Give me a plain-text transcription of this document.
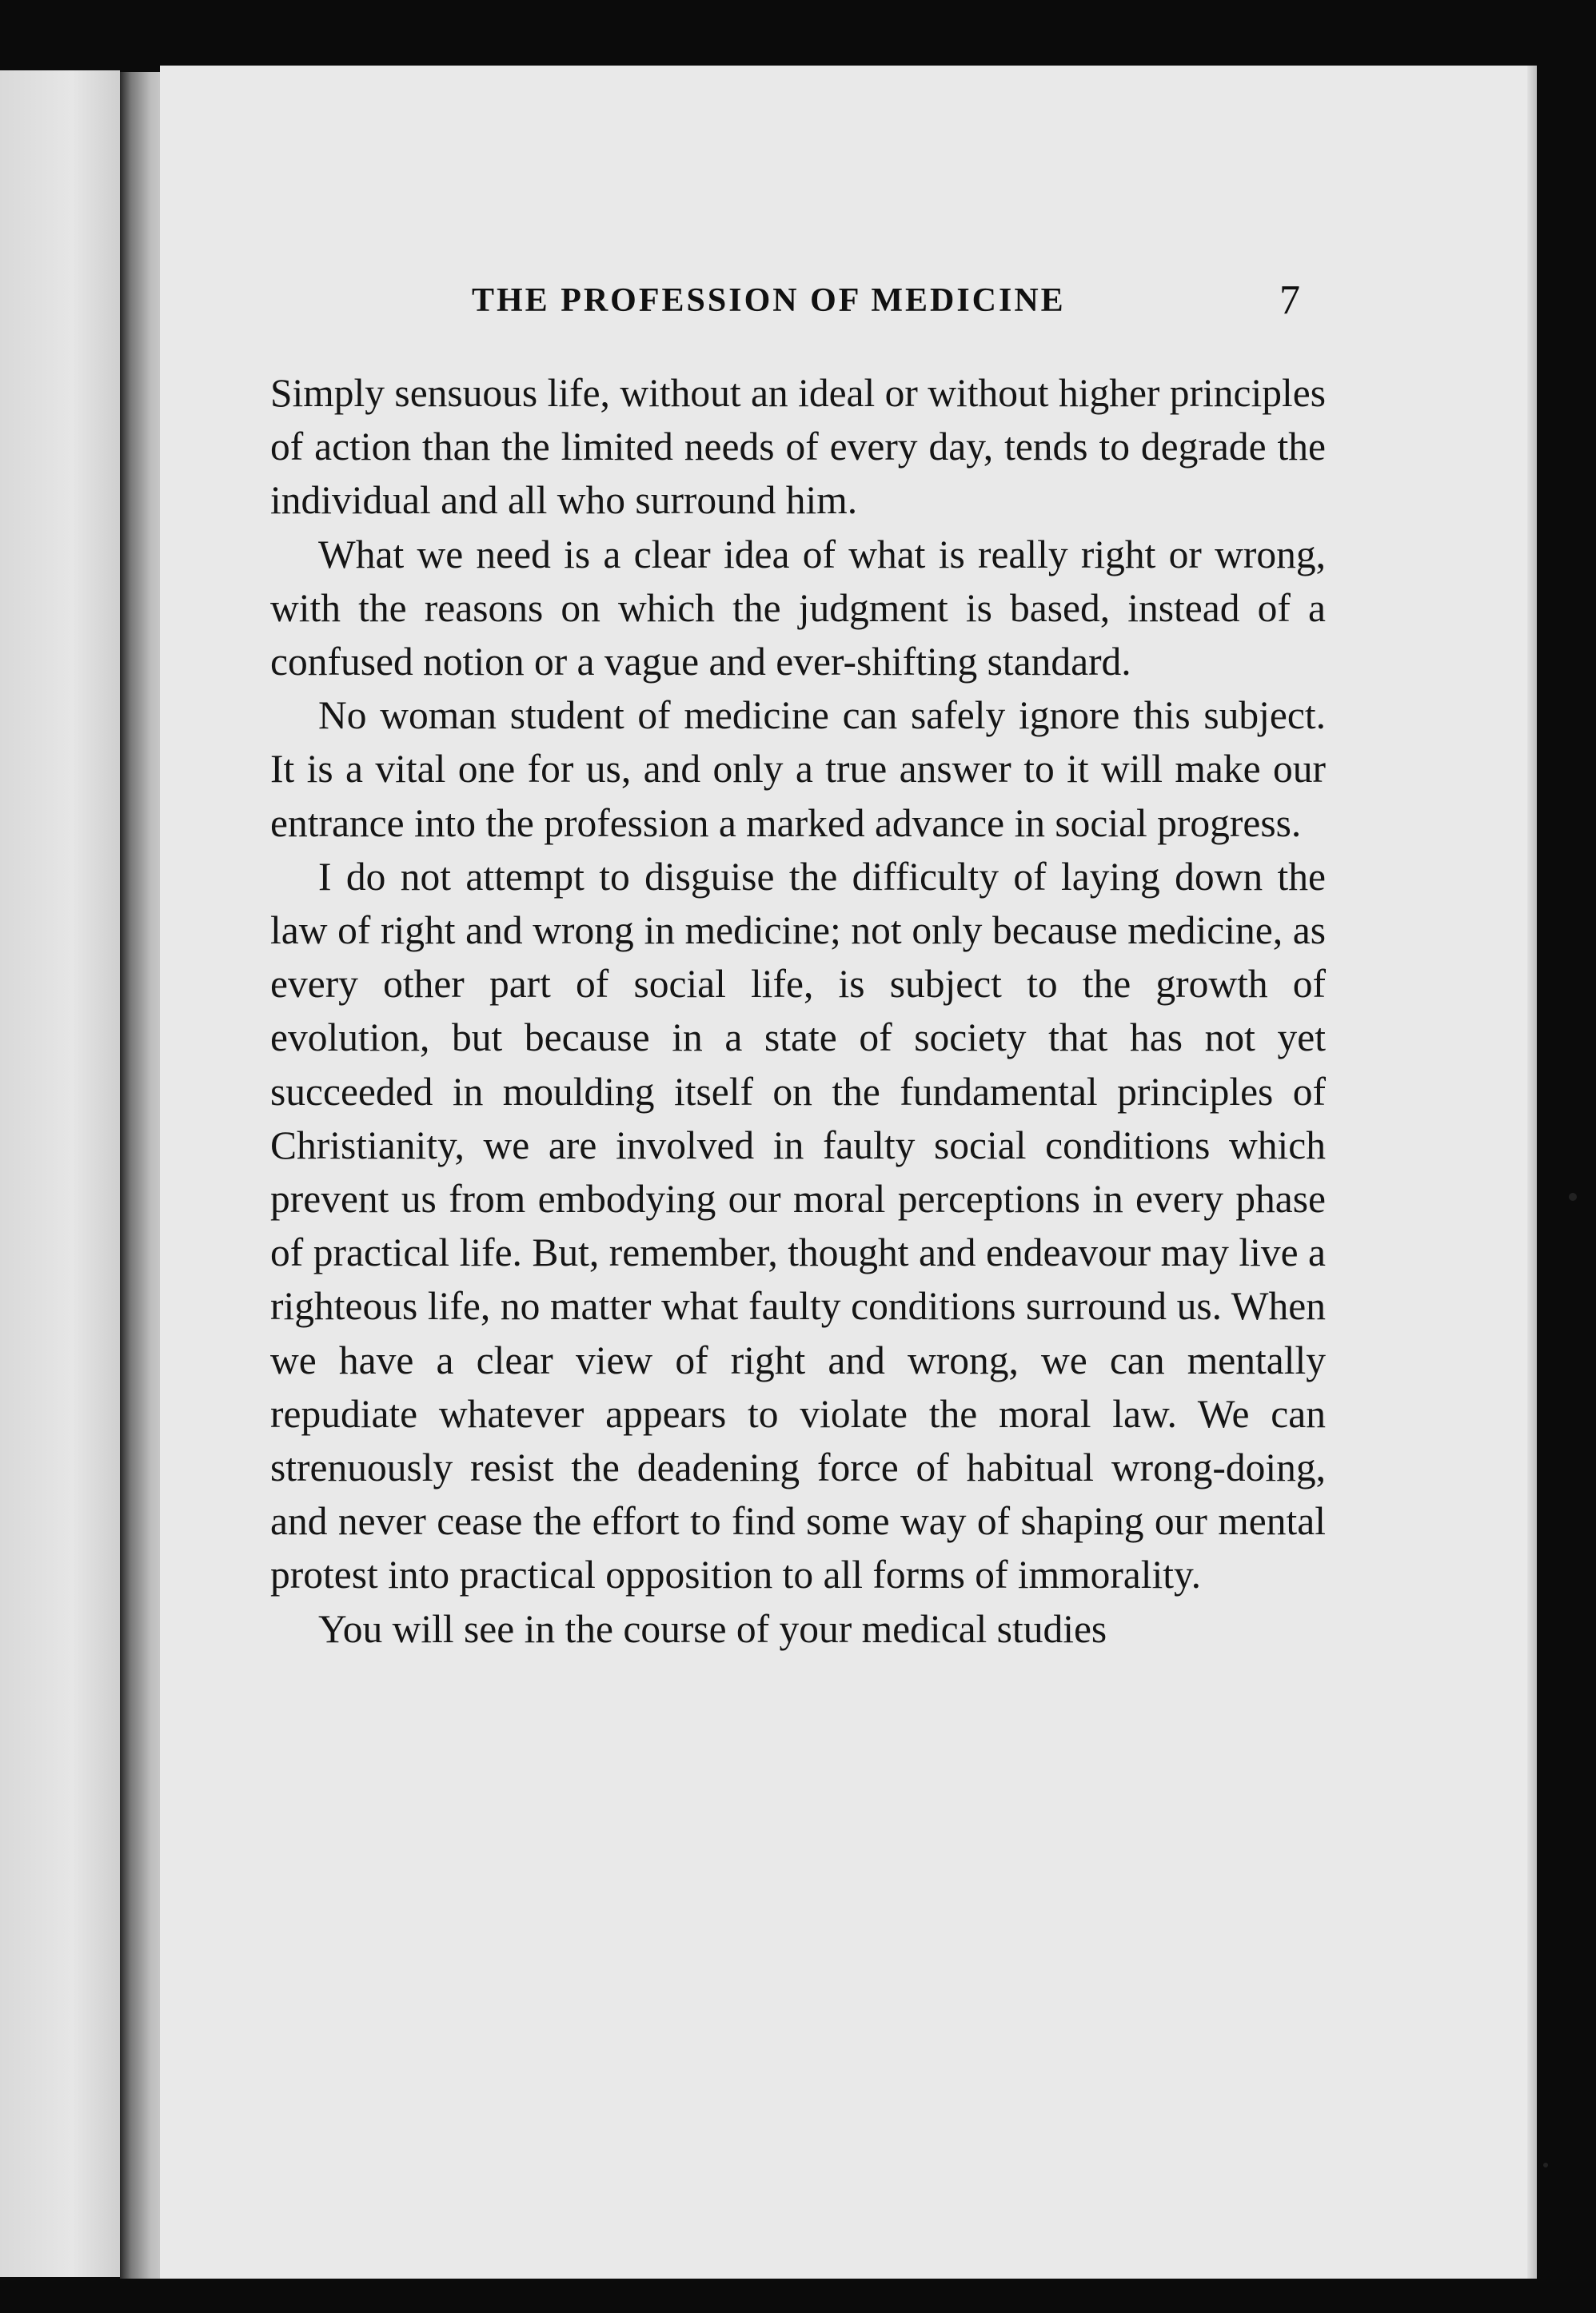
THE PROFESSION OF MEDICINE	7

Simply sensuous life, without an ideal or without higher principles of action than the limited needs of every day, tends to degrade the individual and all who surround him.

What we need is a clear idea of what is really right or wrong, with the reasons on which the judgment is based, instead of a confused notion or a vague and ever-shifting standard.

No woman student of medicine can safely ignore this subject. It is a vital one for us, and only a true answer to it will make our entrance into the profession a marked advance in social progress.

I do not attempt to disguise the difficulty of laying down the law of right and wrong in medicine; not only because medicine, as every other part of social life, is subject to the growth of evolution, but because in a state of society that has not yet succeeded in moulding itself on the fundamental principles of Christianity, we are involved in faulty social conditions which prevent us from embodying our moral perceptions in every phase of practical life. But, remember, thought and endeavour may live a righteous life, no matter what faulty conditions surround us. When we have a clear view of right and wrong, we can mentally repudiate whatever appears to violate the moral law. We can strenuously resist the deadening force of habitual wrong-doing, and never cease the effort to find some way of shaping our mental protest into practical opposition to all forms of immorality.

You will see in the course of your medical studies
